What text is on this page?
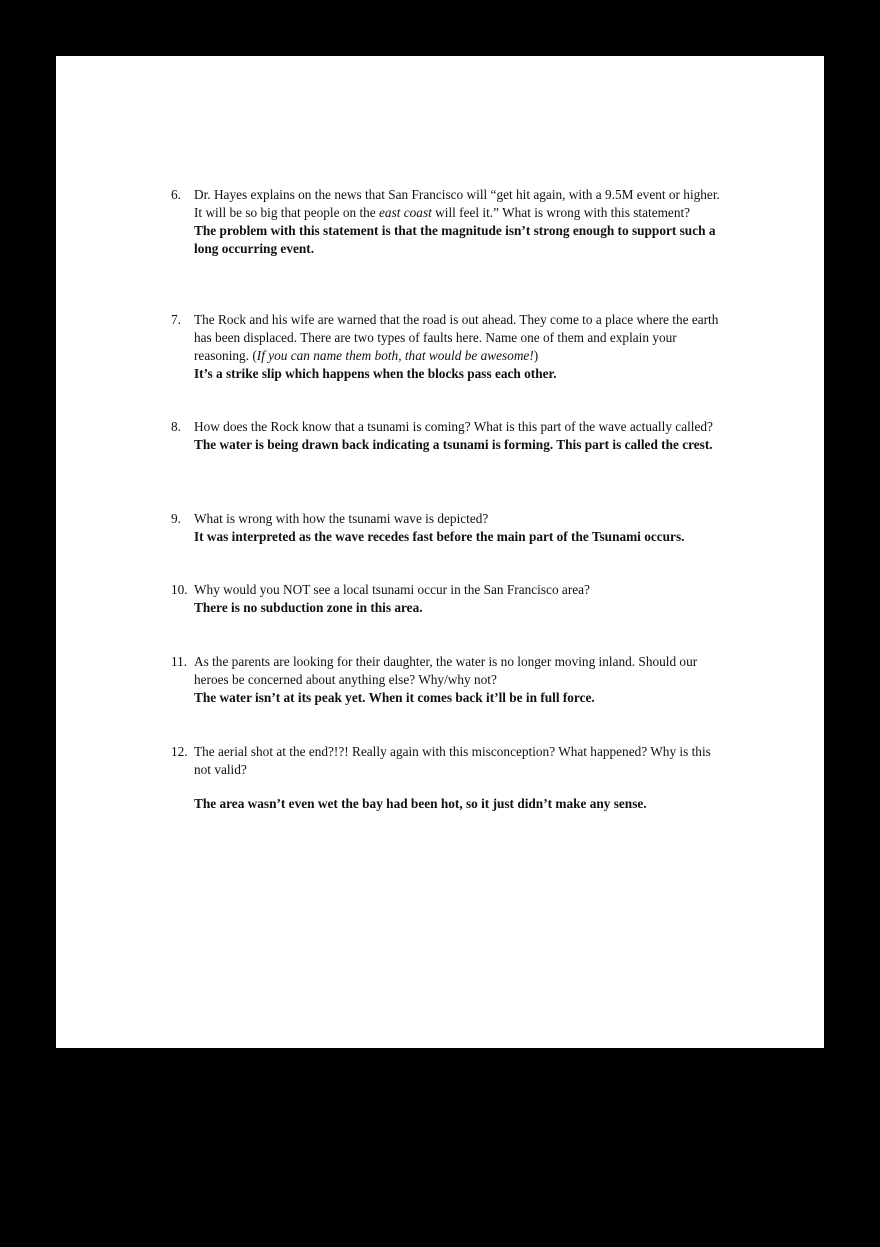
6. Dr. Hayes explains on the news that San Francisco will “get hit again, with a 9.5M event or higher. It will be so big that people on the east coast will feel it.” What is wrong with this statement?
The problem with this statement is that the magnitude isn’t strong enough to support such a long occurring event.
7. The Rock and his wife are warned that the road is out ahead. They come to a place where the earth has been displaced. There are two types of faults here. Name one of them and explain your reasoning. (If you can name them both, that would be awesome!)
It’s a strike slip which happens when the blocks pass each other.
8. How does the Rock know that a tsunami is coming? What is this part of the wave actually called?
The water is being drawn back indicating a tsunami is forming. This part is called the crest.
9. What is wrong with how the tsunami wave is depicted?
It was interpreted as the wave recedes fast before the main part of the Tsunami occurs.
10. Why would you NOT see a local tsunami occur in the San Francisco area?
There is no subduction zone in this area.
11. As the parents are looking for their daughter, the water is no longer moving inland. Should our heroes be concerned about anything else? Why/why not?
The water isn’t at its peak yet. When it comes back it’ll be in full force.
12. The aerial shot at the end?!?! Really again with this misconception? What happened? Why is this not valid?
The area wasn’t even wet the bay had been hot, so it just didn’t make any sense.
